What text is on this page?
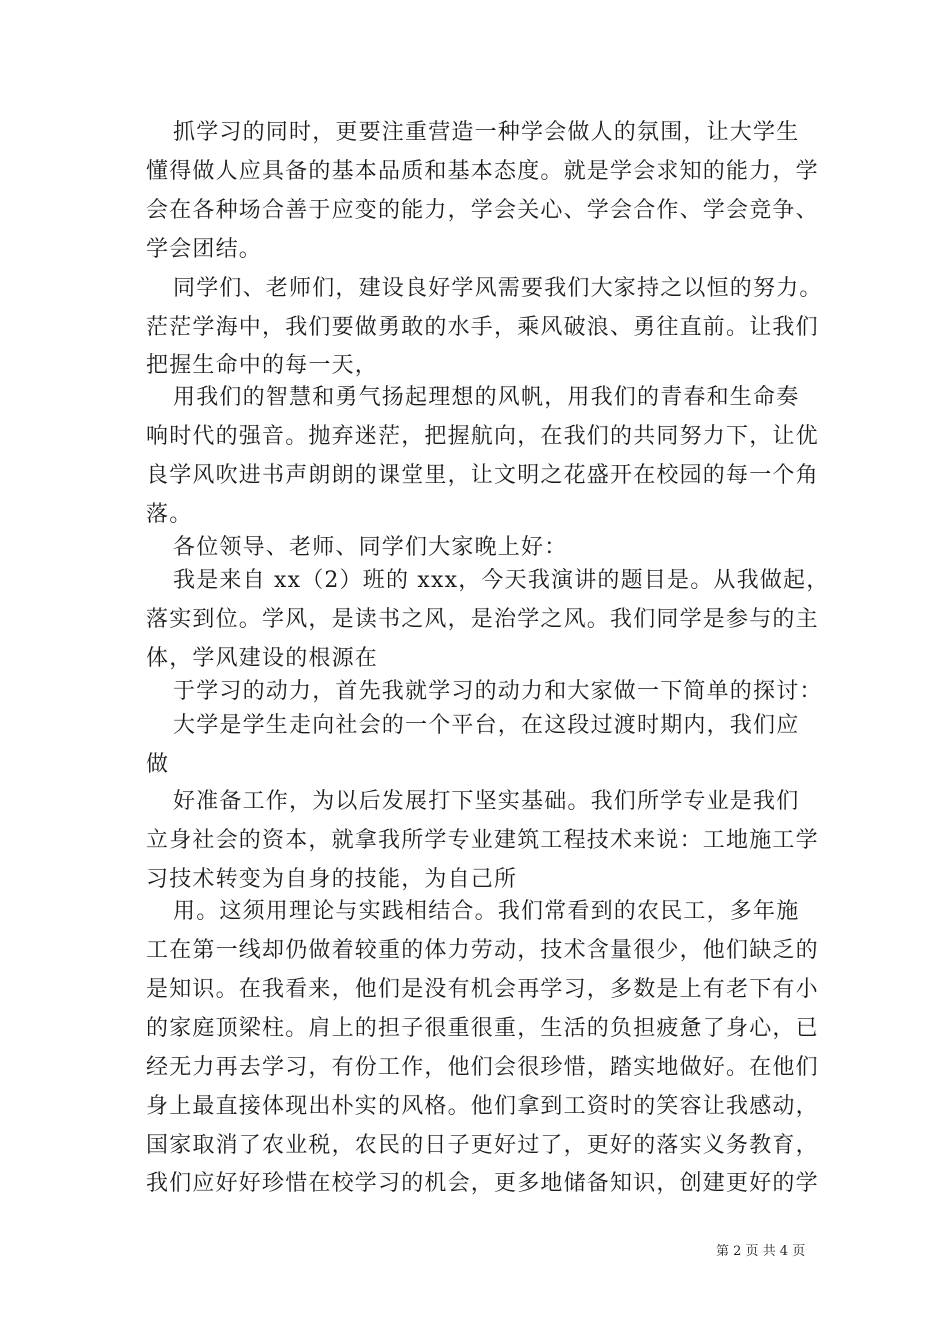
抓学习的同时，更要注重营造一种学会做人的氛围，让大学生
懂得做人应具备的基本品质和基本态度。就是学会求知的能力，学
会在各种场合善于应变的能力，学会关心、学会合作、学会竞争、
学会团结。
同学们、老师们，建设良好学风需要我们大家持之以恒的努力。
茫茫学海中，我们要做勇敢的水手，乘风破浪、勇往直前。让我们
把握生命中的每一天，
用我们的智慧和勇气扬起理想的风帆，用我们的青春和生命奏
响时代的强音。抛弃迷茫，把握航向，在我们的共同努力下，让优
良学风吹进书声朗朗的课堂里，让文明之花盛开在校园的每一个角
落。
各位领导、老师、同学们大家晚上好：
我是来自 xx（2）班的 xxx，今天我演讲的题目是。从我做起，
落实到位。学风，是读书之风，是治学之风。我们同学是参与的主
体，学风建设的根源在
于学习的动力，首先我就学习的动力和大家做一下简单的探讨：
大学是学生走向社会的一个平台，在这段过渡时期内，我们应
做
好准备工作，为以后发展打下坚实基础。我们所学专业是我们
立身社会的资本，就拿我所学专业建筑工程技术来说：工地施工学
习技术转变为自身的技能，为自己所
用。这须用理论与实践相结合。我们常看到的农民工，多年施
工在第一线却仍做着较重的体力劳动，技术含量很少，他们缺乏的
是知识。在我看来，他们是没有机会再学习，多数是上有老下有小
的家庭顶梁柱。肩上的担子很重很重，生活的负担疲惫了身心，已
经无力再去学习，有份工作，他们会很珍惜，踏实地做好。在他们
身上最直接体现出朴实的风格。他们拿到工资时的笑容让我感动，
国家取消了农业税，农民的日子更好过了，更好的落实义务教育，
我们应好好珍惜在校学习的机会，更多地储备知识，创建更好的学
第 2 页 共 4 页
